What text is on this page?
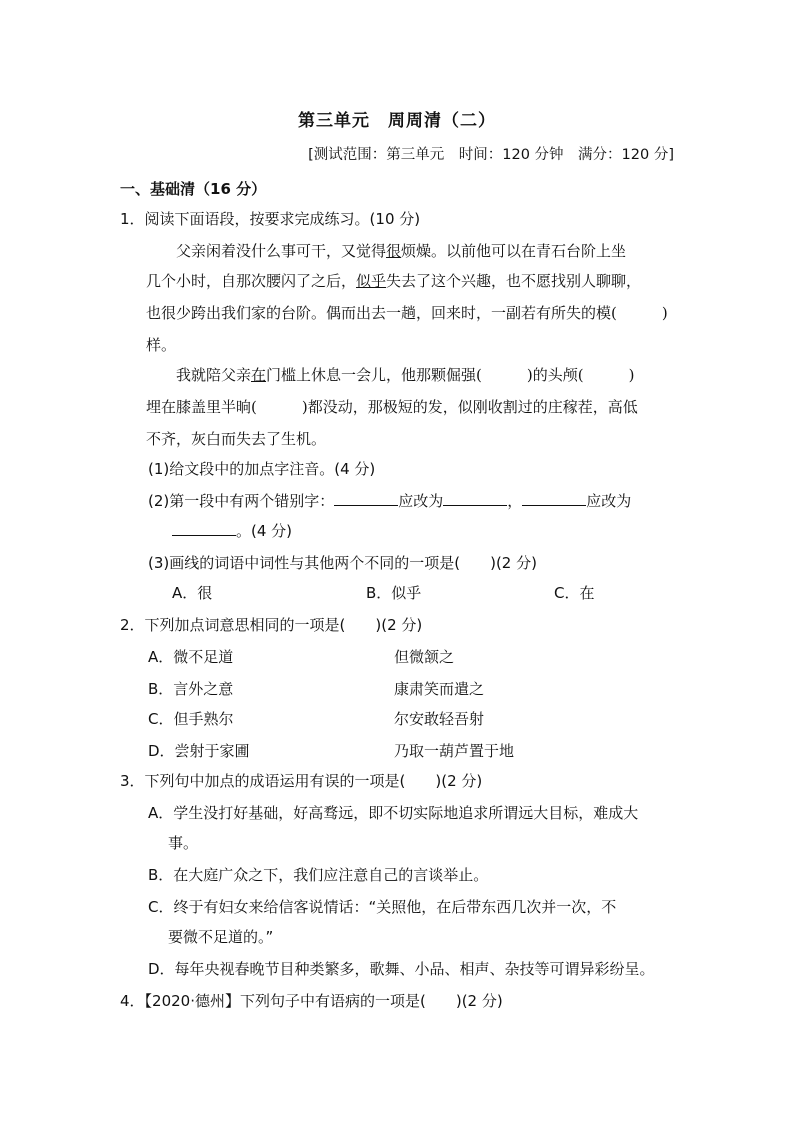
第三单元　周周清（二）
[测试范围：第三单元　时间：120 分钟　满分：120 分]
一、基础清（16 分）
1．阅读下面语段，按要求完成练习。(10 分)
父亲闲着没什么事可干，又觉得很烦燥。以前他可以在青石台阶上坐
几个小时，自那次腰闪了之后，似乎失去了这个兴趣，也不愿找别人聊聊，
也很少跨出我们家的台阶。偶而出去一趟，回来时，一副若有所失的模(　　　)
样。
我就陪父亲在门槛上休息一会儿，他那颗倔强(　　　)的头颅(　　　)
埋在膝盖里半晌(　　　)都没动，那极短的发，似刚收割过的庄稼茬，高低
不齐，灰白而失去了生机。
(1)给文段中的加点字注音。(4 分)
(2)第一段中有两个错别字：	应改为	，	应改为
。(4 分)
(3)画线的词语中词性与其他两个不同的一项是(　　)(2 分)
A．很	B．似乎	C．在
2．下列加点词意思相同的一项是(　　)(2 分)
A．微不足道	但微颔之
B．言外之意	康肃笑而遣之
C．但手熟尔	尔安敢轻吾射
D．尝射于家圃	乃取一葫芦置于地
3．下列句中加点的成语运用有误的一项是(　　)(2 分)
A．学生没打好基础，好高骛远，即不切实际地追求所谓远大目标，难成大
事。
B．在大庭广众之下，我们应注意自己的言谈举止。
C．终于有妇女来给信客说情话：“关照他，在后带东西几次并一次，不
要微不足道的。”
D．每年央视春晚节目种类繁多，歌舞、小品、相声、杂技等可谓异彩纷呈。
4．【2020·德州】下列句子中有语病的一项是(　　)(2 分)
